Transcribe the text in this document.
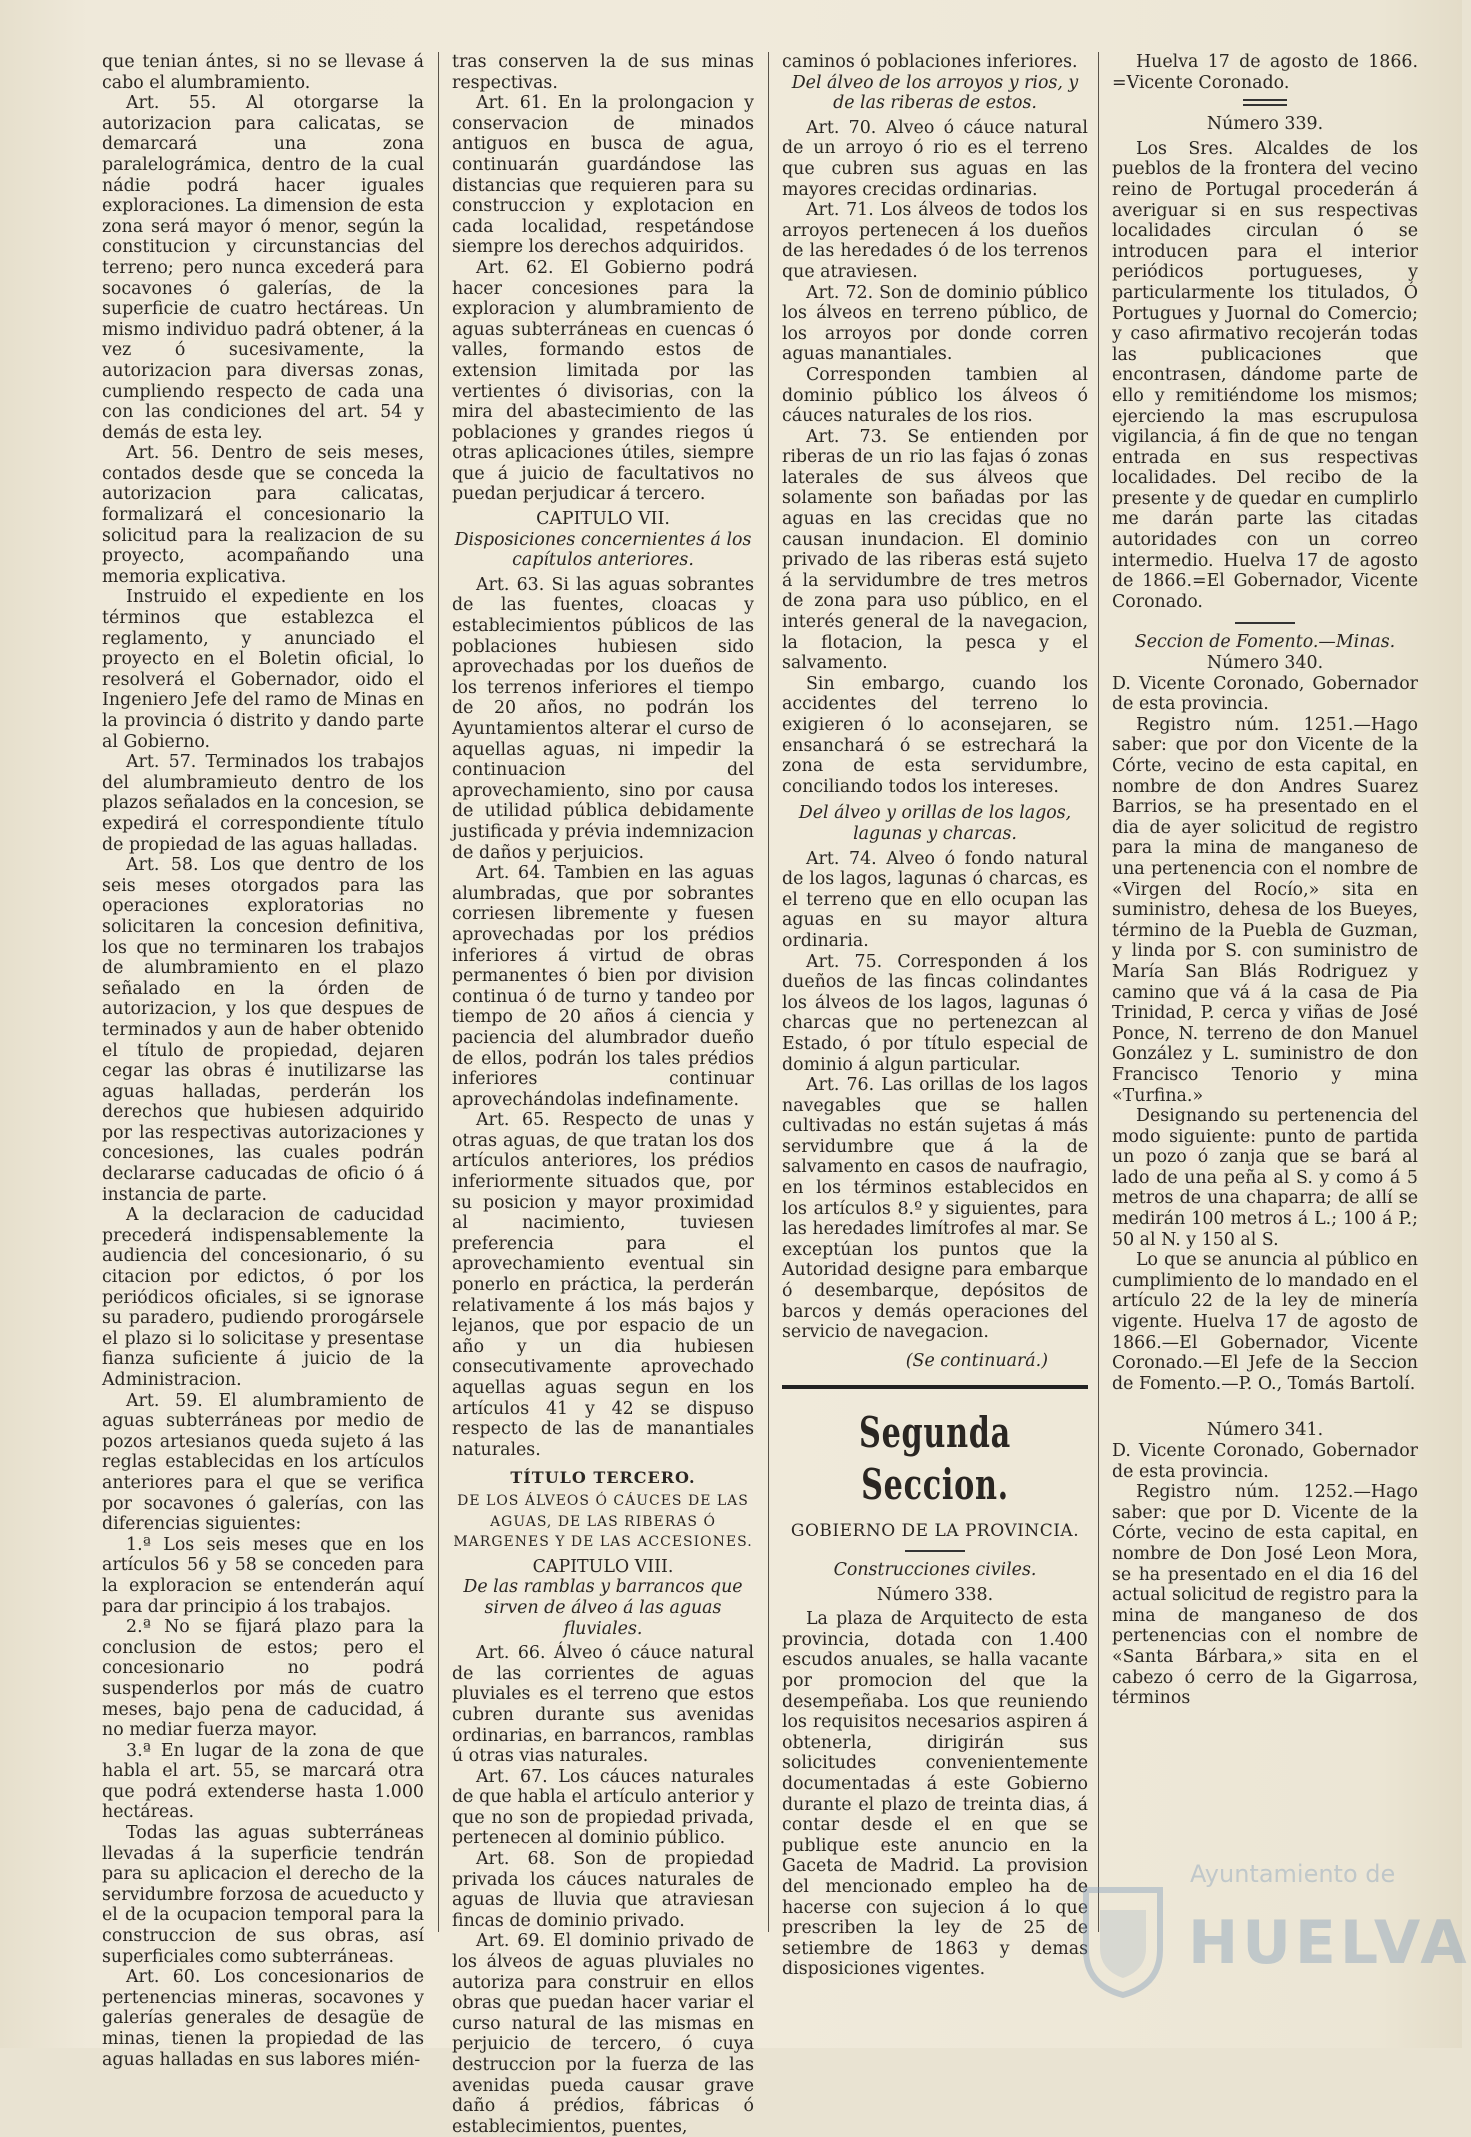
que tenian ántes, si no se llevase á cabo el alumbramiento.

Art. 55. Al otorgarse la autorizacion para calicatas, se demarcará una zona paralelográmica, dentro de la cual nádie podrá hacer iguales exploraciones. La dimension de esta zona será mayor ó menor, según la constitucion y circunstancias del terreno; pero nunca excederá para socavones ó galerías, de la superficie de cuatro hectáreas. Un mismo individuo padrá obtener, á la vez ó sucesivamente, la autorizacion para diversas zonas, cumpliendo respecto de cada una con las condiciones del art. 54 y demás de esta ley.

Art. 56. Dentro de seis meses, contados desde que se conceda la autorizacion para calicatas, formalizará el concesionario la solicitud para la realizacion de su proyecto, acompañando una memoria explicativa.

Instruido el expediente en los términos que establezca el reglamento, y anunciado el proyecto en el Boletin oficial, lo resolverá el Gobernador, oido el Ingeniero Jefe del ramo de Minas en la provincia ó distrito y dando parte al Gobierno.

Art. 57. Terminados los trabajos del alumbramieuto dentro de los plazos señalados en la concesion, se expedirá el correspondiente título de propiedad de las aguas halladas.

Art. 58. Los que dentro de los seis meses otorgados para las operaciones exploratorias no solicitaren la concesion definitiva, los que no terminaren los trabajos de alumbramiento en el plazo señalado en la órden de autorizacion, y los que despues de terminados y aun de haber obtenido el título de propiedad, dejaren cegar las obras é inutilizarse las aguas halladas, perderán los derechos que hubiesen adquirido por las respectivas autorizaciones y concesiones, las cuales podrán declararse caducadas de oficio ó á instancia de parte.

A la declaracion de caducidad precederá indispensablemente la audiencia del concesionario, ó su citacion por edictos, ó por los periódicos oficiales, si se ignorase su paradero, pudiendo prorogársele el plazo si lo solicitase y presentase fianza suficiente á juicio de la Administracion.

Art. 59. El alumbramiento de aguas subterráneas por medio de pozos artesianos queda sujeto á las reglas establecidas en los artículos anteriores para el que se verifica por socavones ó galerías, con las diferencias siguientes:

1.ª Los seis meses que en los artículos 56 y 58 se conceden para la exploracion se entenderán aquí para dar principio á los trabajos.

2.ª No se fijará plazo para la conclusion de estos; pero el concesionario no podrá suspenderlos por más de cuatro meses, bajo pena de caducidad, á no mediar fuerza mayor.

3.ª En lugar de la zona de que habla el art. 55, se marcará otra que podrá extenderse hasta 1.000 hectáreas.

Todas las aguas subterráneas llevadas á la superficie tendrán para su aplicacion el derecho de la servidumbre forzosa de acueducto y el de la ocupacion temporal para la construccion de sus obras, así superficiales como subterráneas.

Art. 60. Los concesionarios de pertenencias mineras, socavones y galerías generales de desagüe de minas, tienen la propiedad de las aguas halladas en sus labores mién-

tras conserven la de sus minas respectivas.

Art. 61. En la prolongacion y conservacion de minados antiguos en busca de agua, continuarán guardándose las distancias que requieren para su construccion y explotacion en cada localidad, respetándose siempre los derechos adquiridos.

Art. 62. El Gobierno podrá hacer concesiones para la exploracion y alumbramiento de aguas subterráneas en cuencas ó valles, formando estos de extension limitada por las vertientes ó divisorias, con la mira del abastecimiento de las poblaciones y grandes riegos ú otras aplicaciones útiles, siempre que á juicio de facultativos no puedan perjudicar á tercero.

CAPITULO VII.

Disposiciones concernientes á los capítulos anteriores.

Art. 63. Si las aguas sobrantes de las fuentes, cloacas y establecimientos públicos de las poblaciones hubiesen sido aprovechadas por los dueños de los terrenos inferiores el tiempo de 20 años, no podrán los Ayuntamientos alterar el curso de aquellas aguas, ni impedir la continuacion del aprovechamiento, sino por causa de utilidad pública debidamente justificada y prévia indemnizacion de daños y perjuicios.

Art. 64. Tambien en las aguas alumbradas, que por sobrantes corriesen libremente y fuesen aprovechadas por los prédios inferiores á virtud de obras permanentes ó bien por division continua ó de turno y tandeo por tiempo de 20 años á ciencia y paciencia del alumbrador dueño de ellos, podrán los tales prédios inferiores continuar aprovechándolas indefinamente.

Art. 65. Respecto de unas y otras aguas, de que tratan los dos artículos anteriores, los prédios inferiormente situados que, por su posicion y mayor proximidad al nacimiento, tuviesen preferencia para el aprovechamiento eventual sin ponerlo en práctica, la perderán relativamente á los más bajos y lejanos, que por espacio de un año y un dia hubiesen consecutivamente aprovechado aquellas aguas segun en los artículos 41 y 42 se dispuso respecto de las de manantiales naturales.

TÍTULO TERCERO.

DE LOS ÁLVEOS Ó CÁUCES DE LAS AGUAS, DE LAS RIBERAS Ó MARGENES Y DE LAS ACCESIONES.

CAPITULO VIII.

De las ramblas y barrancos que sirven de álveo á las aguas fluviales.

Art. 66. Álveo ó cáuce natural de las corrientes de aguas pluviales es el terreno que estos cubren durante sus avenidas ordinarias, en barrancos, ramblas ú otras vias naturales.

Art. 67. Los cáuces naturales de que habla el artículo anterior y que no son de propiedad privada, pertenecen al dominio público.

Art. 68. Son de propiedad privada los cáuces naturales de aguas de lluvia que atraviesan fincas de dominio privado.

Art. 69. El dominio privado de los álveos de aguas pluviales no autoriza para construir en ellos obras que puedan hacer variar el curso natural de las mismas en perjuicio de tercero, ó cuya destruccion por la fuerza de las avenidas pueda causar grave daño á prédios, fábricas ó establecimientos, puentes,

caminos ó poblaciones inferiores.

Del álveo de los arroyos y rios, y de las riberas de estos.

Art. 70. Alveo ó cáuce natural de un arroyo ó rio es el terreno que cubren sus aguas en las mayores crecidas ordinarias.

Art. 71. Los álveos de todos los arroyos pertenecen á los dueños de las heredades ó de los terrenos que atraviesen.

Art. 72. Son de dominio público los álveos en terreno público, de los arroyos por donde corren aguas manantiales.

Corresponden tambien al dominio público los álveos ó cáuces naturales de los rios.

Art. 73. Se entienden por riberas de un rio las fajas ó zonas laterales de sus álveos que solamente son bañadas por las aguas en las crecidas que no causan inundacion. El dominio privado de las riberas está sujeto á la servidumbre de tres metros de zona para uso público, en el interés general de la navegacion, la flotacion, la pesca y el salvamento.

Sin embargo, cuando los accidentes del terreno lo exigieren ó lo aconsejaren, se ensanchará ó se estrechará la zona de esta servidumbre, conciliando todos los intereses.

Del álveo y orillas de los lagos, lagunas y charcas.

Art. 74. Alveo ó fondo natural de los lagos, lagunas ó charcas, es el terreno que en ello ocupan las aguas en su mayor altura ordinaria.

Art. 75. Corresponden á los dueños de las fincas colindantes los álveos de los lagos, lagunas ó charcas que no pertenezcan al Estado, ó por título especial de dominio á algun particular.

Art. 76. Las orillas de los lagos navegables que se hallen cultivadas no están sujetas á más servidumbre que á la de salvamento en casos de naufragio, en los términos establecidos en los artículos 8.º y siguientes, para las heredades limítrofes al mar. Se exceptúan los puntos que la Autoridad designe para embarque ó desembarque, depósitos de barcos y demás operaciones del servicio de navegacion.

(Se continuará.)

Segunda Seccion.

GOBIERNO DE LA PROVINCIA.

Construcciones civiles.

Número 338.

La plaza de Arquitecto de esta provincia, dotada con 1.400 escudos anuales, se halla vacante por promocion del que la desempeñaba. Los que reuniendo los requisitos necesarios aspiren á obtenerla, dirigirán sus solicitudes convenientemente documentadas á este Gobierno durante el plazo de treinta dias, á contar desde el en que se publique este anuncio en la Gaceta de Madrid. La provision del mencionado empleo ha de hacerse con sujecion á lo que prescriben la ley de 25 de setiembre de 1863 y demas disposiciones vigentes.

Huelva 17 de agosto de 1866. =Vicente Coronado.

Número 339.

Los Sres. Alcaldes de los pueblos de la frontera del vecino reino de Portugal procederán á averiguar si en sus respectivas localidades circulan ó se introducen para el interior periódicos portugueses, y particularmente los titulados, Ó Portugues y Juornal do Comercio; y caso afirmativo recojerán todas las publicaciones que encontrasen, dándome parte de ello y remitiéndome los mismos; ejerciendo la mas escrupulosa vigilancia, á fin de que no tengan entrada en sus respectivas localidades. Del recibo de la presente y de quedar en cumplirlo me darán parte las citadas autoridades con un correo intermedio. Huelva 17 de agosto de 1866.=El Gobernador, Vicente Coronado.

Seccion de Fomento.—Minas.

Número 340.

D. Vicente Coronado, Gobernador de esta provincia.

Registro núm. 1251.—Hago saber: que por don Vicente de la Córte, vecino de esta capital, en nombre de don Andres Suarez Barrios, se ha presentado en el dia de ayer solicitud de registro para la mina de manganeso de una pertenencia con el nombre de «Virgen del Rocío,» sita en suministro, dehesa de los Bueyes, término de la Puebla de Guzman, y linda por S. con suministro de María San Blás Rodriguez y camino que vá á la casa de Pia Trinidad, P. cerca y viñas de José Ponce, N. terreno de don Manuel González y L. suministro de don Francisco Tenorio y mina «Turfina.»

Designando su pertenencia del modo siguiente: punto de partida un pozo ó zanja que se bará al lado de una peña al S. y como á 5 metros de una chaparra; de allí se medirán 100 metros á L.; 100 á P.; 50 al N. y 150 al S.

Lo que se anuncia al público en cumplimiento de lo mandado en el artículo 22 de la ley de minería vigente. Huelva 17 de agosto de 1866.—El Gobernador, Vicente Coronado.—El Jefe de la Seccion de Fomento.—P. O., Tomás Bartolí.

Número 341.

D. Vicente Coronado, Gobernador de esta provincia.

Registro núm. 1252.—Hago saber: que por D. Vicente de la Córte, vecino de esta capital, en nombre de Don José Leon Mora, se ha presentado en el dia 16 del actual solicitud de registro para la mina de manganeso de dos pertenencias con el nombre de «Santa Bárbara,» sita en el cabezo ó cerro de la Gigarrosa, términos

Ayuntamiento de
HUELVA
